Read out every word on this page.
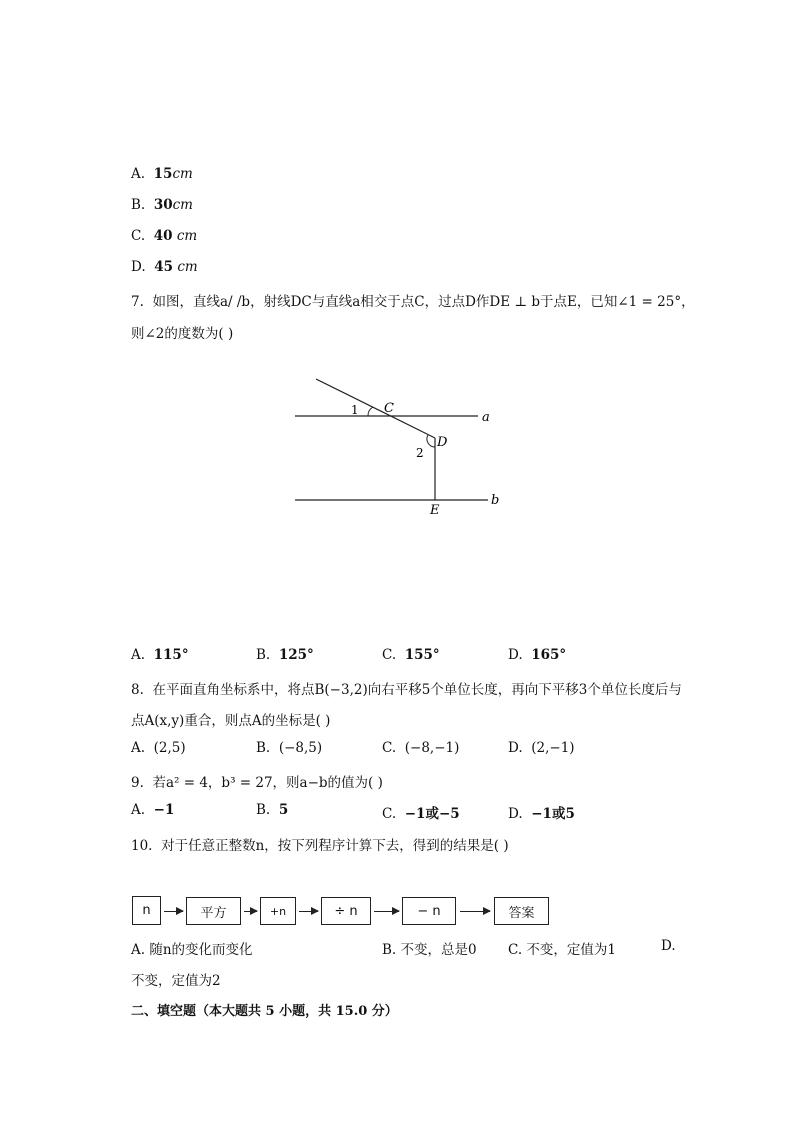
A. 15cm
B. 30cm
C. 40 cm
D. 45 cm
7. 如图，直线a/ /b，射线DC与直线a相交于点C，过点D作DE ⊥ b于点E，已知∠1 = 25°，
则∠2的度数为( )
1 C
a
D
2
b
E
A. 115°	B. 125°	C. 155°	D. 165°
8. 在平面直角坐标系中，将点B(−3,2)向右平移5个单位长度，再向下平移3个单位长度后与
点A(x,y)重合，则点A的坐标是( )
A. (2,5)	B. (−8,5)	C. (−8,−1)	D. (2,−1)
9. 若a² = 4，b³ = 27，则a−b的值为( )
A. −1	B. 5	C. −1或−5	D. −1或5
10. 对于任意正整数n，按下列程序计算下去，得到的结果是( )
n	平方	+n	÷ n	− n	答案
A. 随n的变化而变化	B. 不变，总是0 C. 不变，定值为1	D.
不变，定值为2
二、填空题（本大题共 5 小题，共 15.0 分）
